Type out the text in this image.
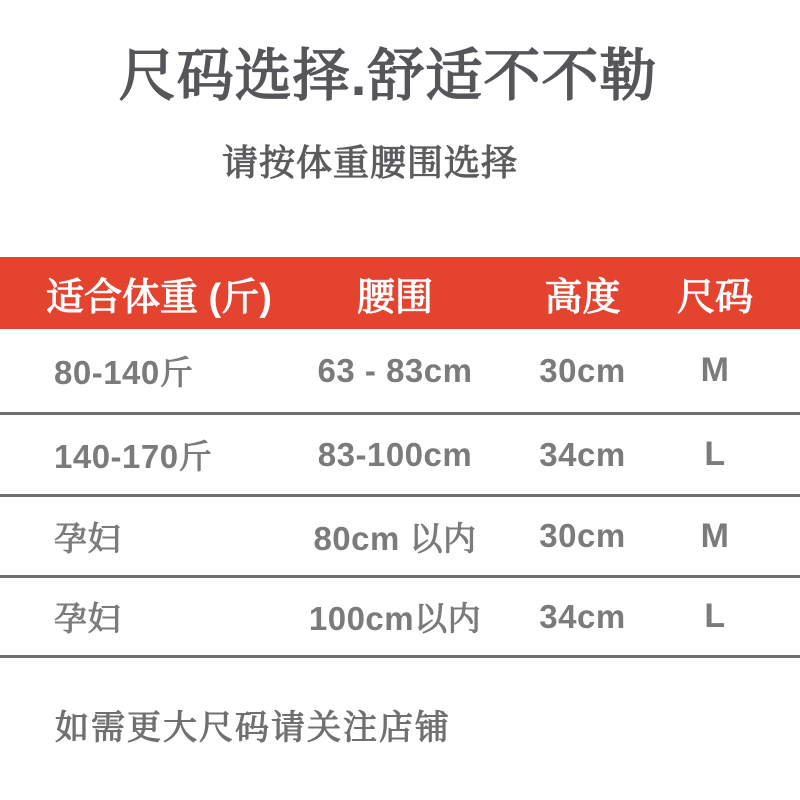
尺码选择.舒适不不勒
请按体重腰围选择
适合体重 (斤)	腰围	高度	尺码
80-140斤	63 - 83cm	30cm	M
140-170斤	83-100cm	34cm	L
孕妇	80cm 以内	30cm	M
孕妇	100cm以内	34cm	L
如需更大尺码请关注店铺
